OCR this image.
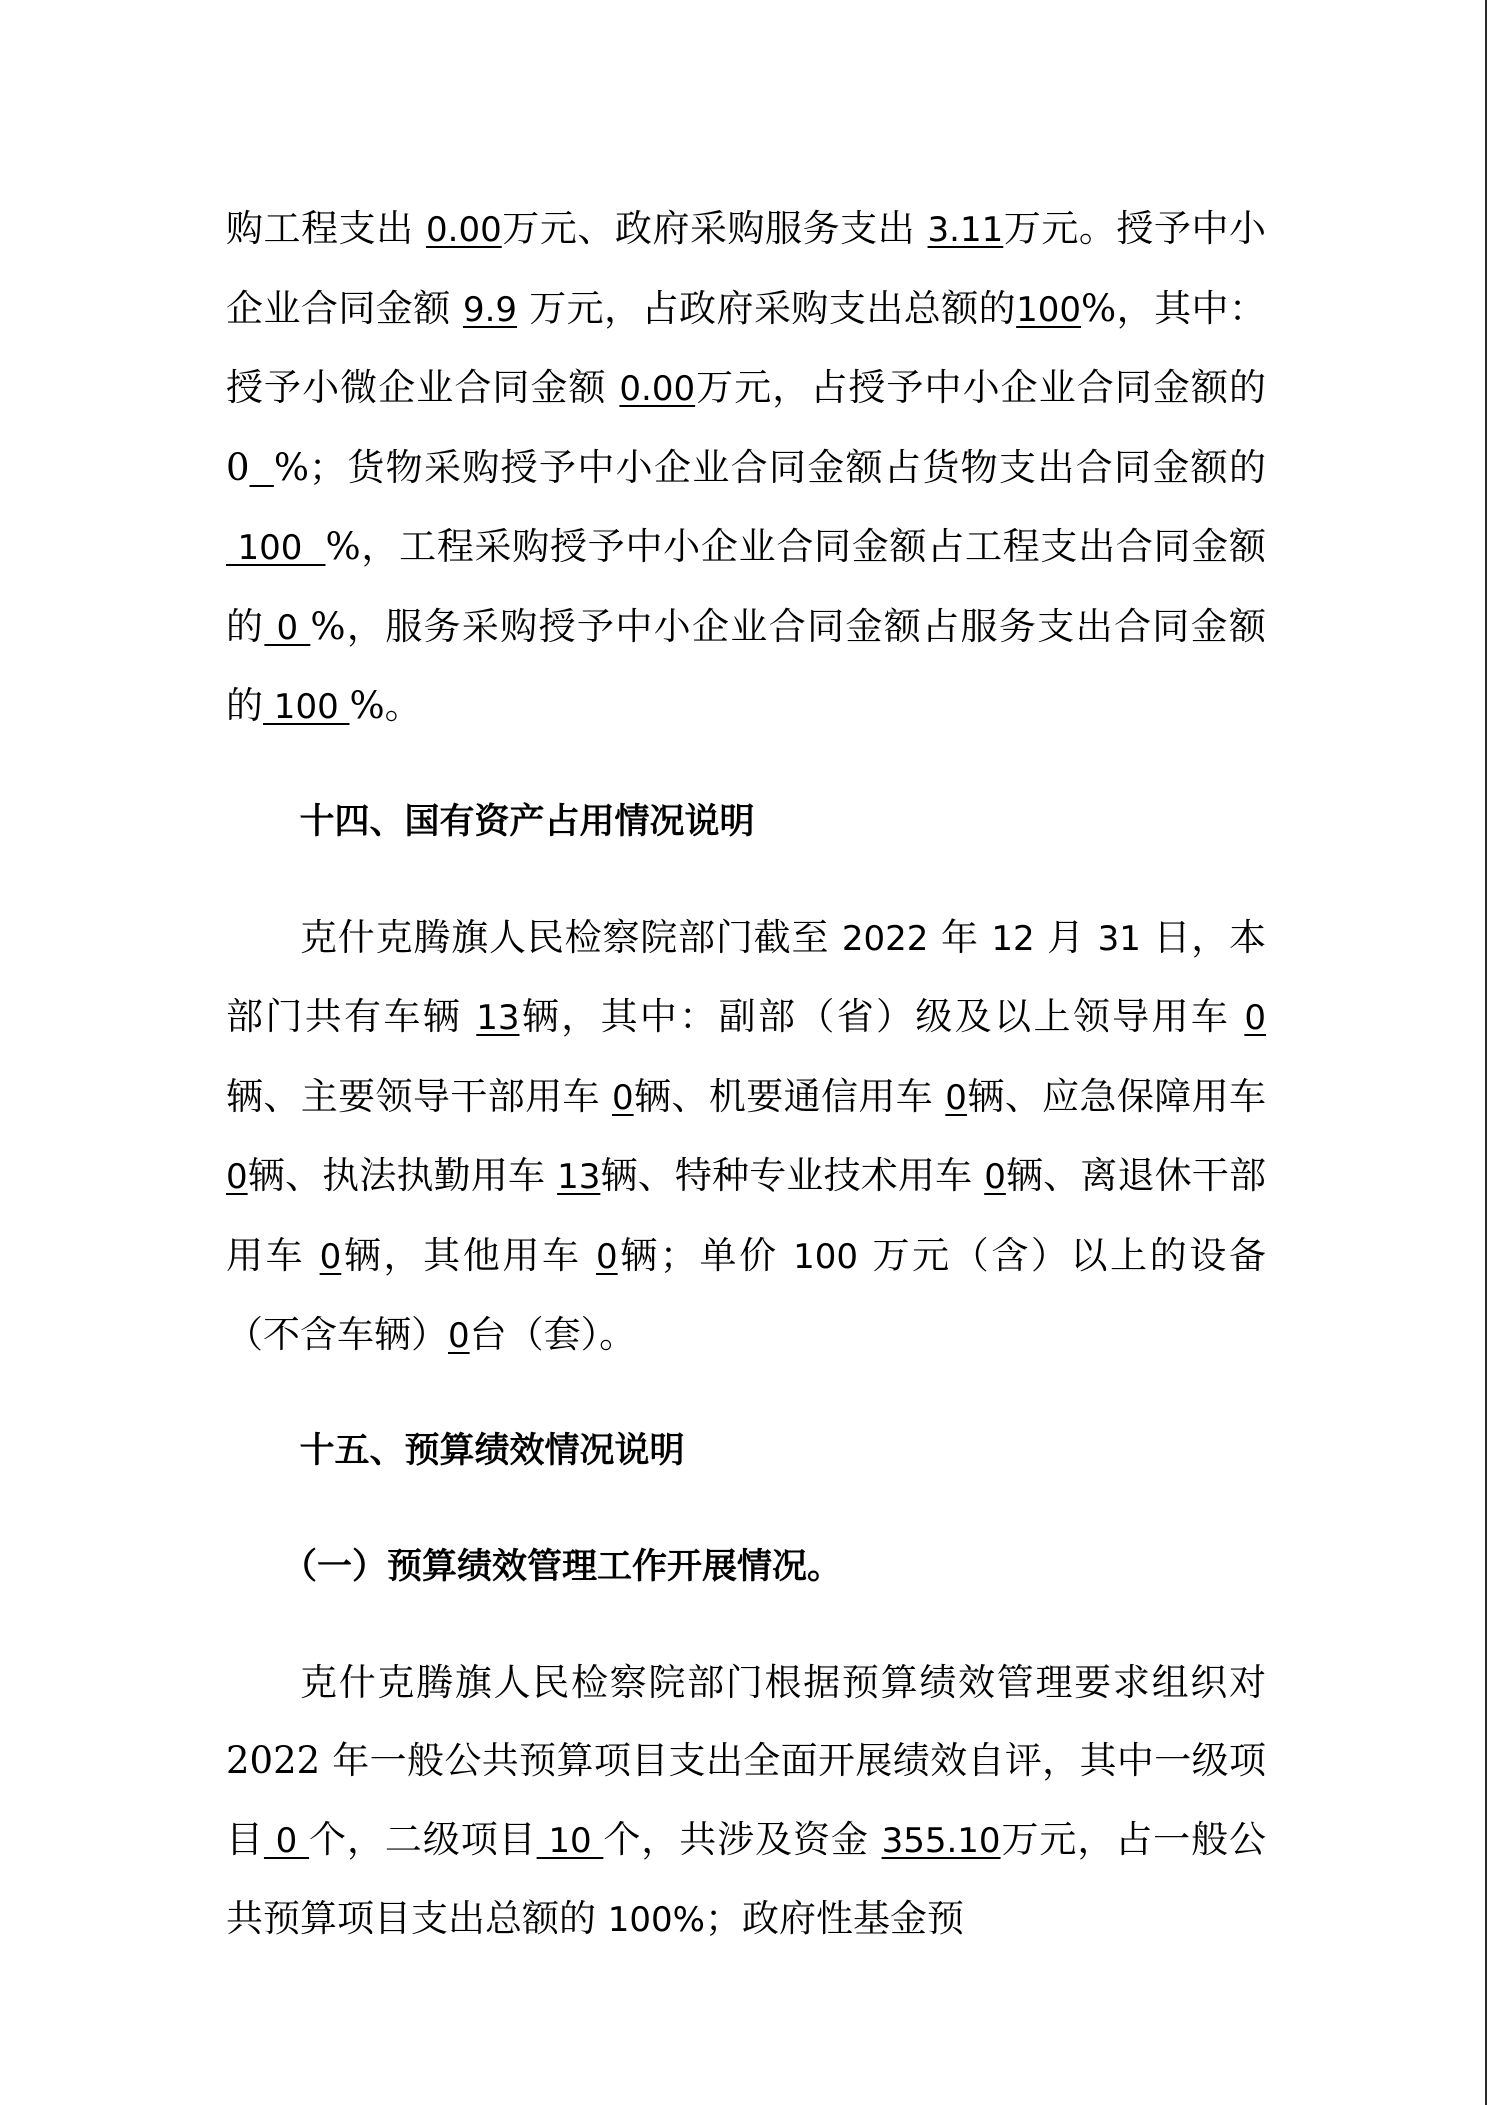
购工程支出 0.00万元、政府采购服务支出 3.11万元。授予中小企业合同金额 9.9 万元，占政府采购支出总额的100%，其中：授予小微企业合同金额 0.00万元，占授予中小企业合同金额的 0 %；货物采购授予中小企业合同金额占货物支出合同金额的 100  %，工程采购授予中小企业合同金额占工程支出合同金额的 0 %，服务采购授予中小企业合同金额占服务支出合同金额的 100 %。

十四、国有资产占用情况说明

克什克腾旗人民检察院部门截至 2022 年 12 月 31 日，本部门共有车辆 13辆，其中：副部（省）级及以上领导用车 0辆、主要领导干部用车 0辆、机要通信用车 0辆、应急保障用车 0辆、执法执勤用车 13辆、特种专业技术用车 0辆、离退休干部用车 0辆，其他用车 0辆；单价 100 万元（含）以上的设备（不含车辆）0台（套）。

十五、预算绩效情况说明
（一）预算绩效管理工作开展情况。

克什克腾旗人民检察院部门根据预算绩效管理要求组织对 2022 年一般公共预算项目支出全面开展绩效自评，其中一级项目 0 个，二级项目 10 个，共涉及资金 355.10万元，占一般公共预算项目支出总额的 100%；政府性基金预
